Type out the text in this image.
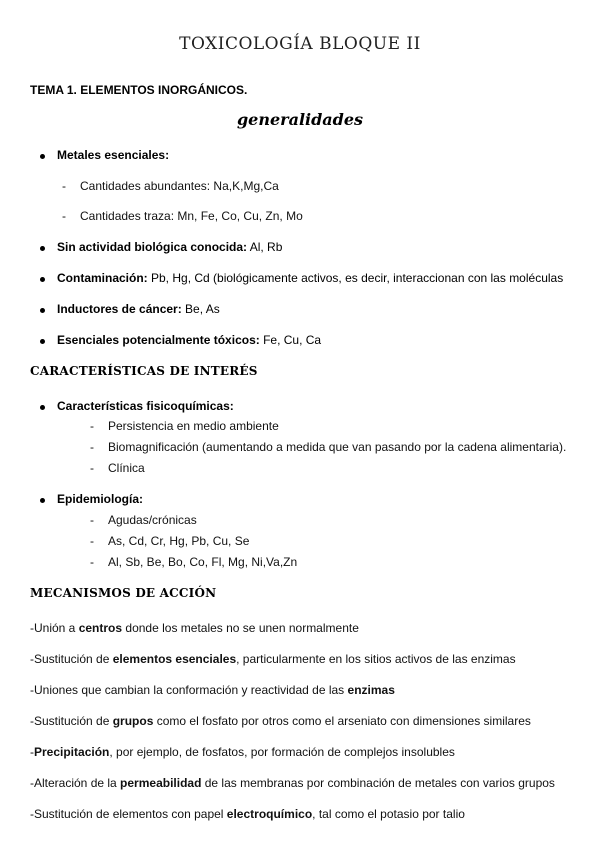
TOXICOLOGÍA BLOQUE II
TEMA 1. ELEMENTOS INORGÁNICOS.
generalidades
Metales esenciales:
- Cantidades abundantes: Na,K,Mg,Ca
- Cantidades traza: Mn, Fe, Co, Cu, Zn, Mo
Sin actividad biológica conocida: Al, Rb
Contaminación: Pb, Hg, Cd (biológicamente activos, es decir, interaccionan con las moléculas
Inductores de cáncer: Be, As
Esenciales potencialmente tóxicos: Fe, Cu, Ca
CARACTERÍSTICAS DE INTERÉS
Características fisicoquímicas:
- Persistencia en medio ambiente
- Biomagnificación (aumentando a medida que van pasando por la cadena alimentaria).
- Clínica
Epidemiología:
- Agudas/crónicas
- As, Cd, Cr, Hg, Pb, Cu, Se
- Al, Sb, Be, Bo, Co, Fl, Mg, Ni,Va,Zn
MECANISMOS DE ACCIÓN
-Unión a centros donde los metales no se unen normalmente
-Sustitución de elementos esenciales, particularmente en los sitios activos de las enzimas
-Uniones que cambian la conformación y reactividad de las enzimas
-Sustitución de grupos como el fosfato por otros como el arseniato con dimensiones similares
-Precipitación, por ejemplo, de fosfatos, por formación de complejos insolubles
-Alteración de la permeabilidad de las membranas por combinación de metales con varios grupos
-Sustitución de elementos con papel electroquímico, tal como el potasio por talio
